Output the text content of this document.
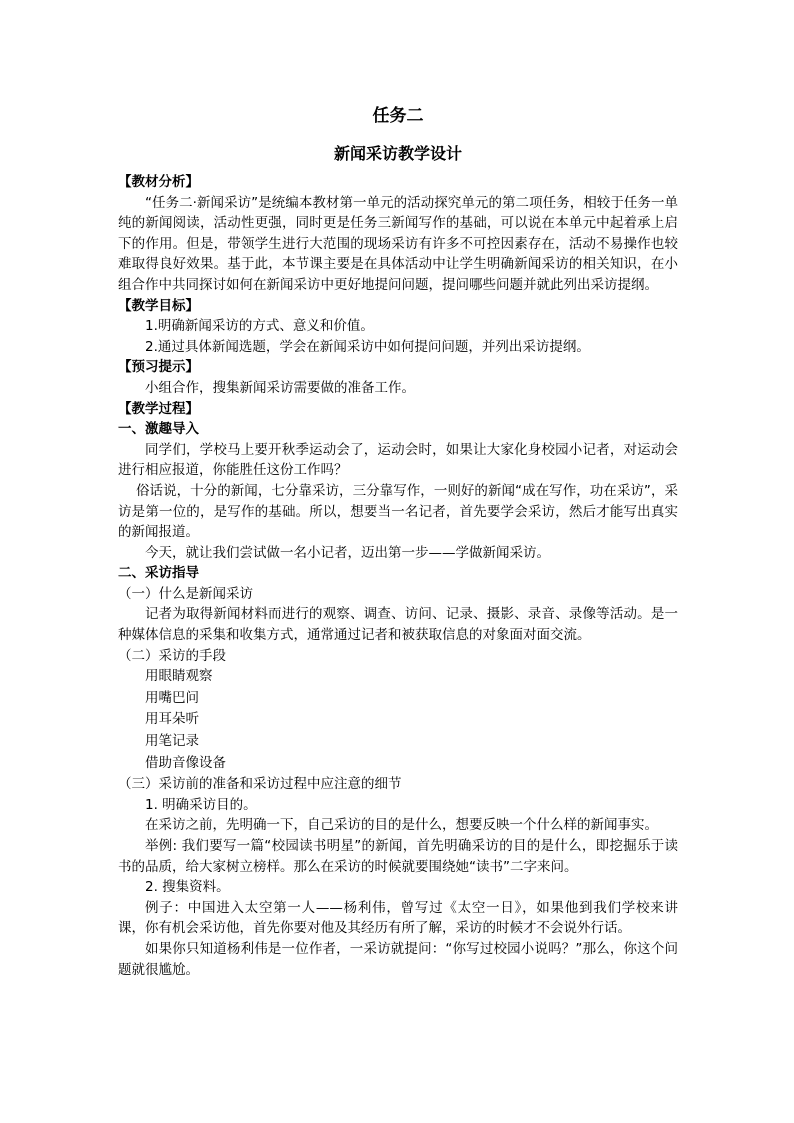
任务二
新闻采访教学设计
【教材分析】

“任务二·新闻采访”是统编本教材第一单元的活动探究单元的第二项任务，相较于任务一单纯的新闻阅读，活动性更强，同时更是任务三新闻写作的基础，可以说在本单元中起着承上启下的作用。但是，带领学生进行大范围的现场采访有许多不可控因素存在，活动不易操作也较难取得良好效果。基于此，本节课主要是在具体活动中让学生明确新闻采访的相关知识，在小组合作中共同探讨如何在新闻采访中更好地提问问题，提问哪些问题并就此列出采访提纲。

【教学目标】

1.明确新闻采访的方式、意义和价值。

2.通过具体新闻选题，学会在新闻采访中如何提问问题，并列出采访提纲。

【预习提示】

小组合作，搜集新闻采访需要做的准备工作。

【教学过程】
一、激趣导入

同学们，学校马上要开秋季运动会了，运动会时，如果让大家化身校园小记者，对运动会进行相应报道，你能胜任这份工作吗？

俗话说，十分的新闻，七分靠采访，三分靠写作，一则好的新闻“成在写作，功在采访”，采访是第一位的，是写作的基础。所以，想要当一名记者，首先要学会采访，然后才能写出真实的新闻报道。

今天，就让我们尝试做一名小记者，迈出第一步——学做新闻采访。

二、采访指导

（一）什么是新闻采访

记者为取得新闻材料而进行的观察、调查、访问、记录、摄影、录音、录像等活动。是一种媒体信息的采集和收集方式，通常通过记者和被获取信息的对象面对面交流。

（二）采访的手段

用眼睛观察
用嘴巴问
用耳朵听
用笔记录
借助音像设备

（三）采访前的准备和采访过程中应注意的细节

1. 明确采访目的。

在采访之前，先明确一下，自己采访的目的是什么，想要反映一个什么样的新闻事实。

举例: 我们要写一篇“校园读书明星”的新闻，首先明确采访的目的是什么，即挖掘乐于读书的品质，给大家树立榜样。那么在采访的时候就要围绕她“读书”二字来问。

2. 搜集资料。

例子：中国进入太空第一人——杨利伟，曾写过《太空一日》，如果他到我们学校来讲课，你有机会采访他，首先你要对他及其经历有所了解，采访的时候才不会说外行话。

如果你只知道杨利伟是一位作者，一采访就提问：“你写过校园小说吗？”那么，你这个问题就很尴尬。
